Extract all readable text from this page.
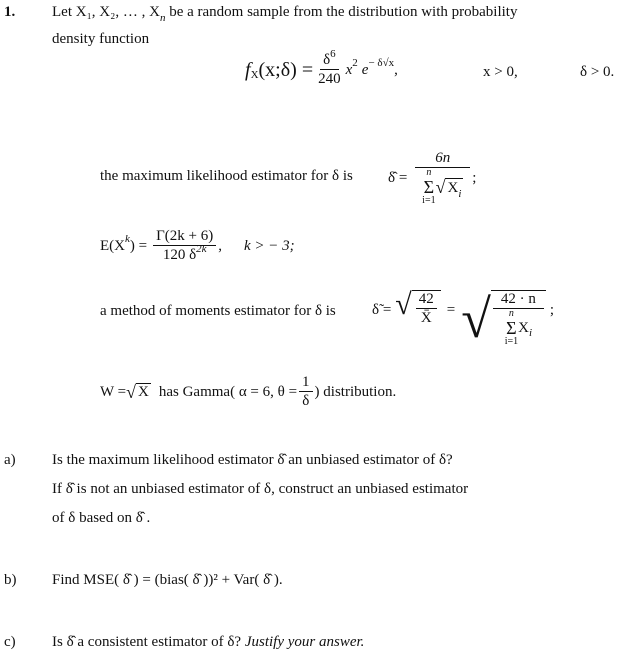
1. Let X₁, X₂, … , $X_n$ be a random sample from the distribution with probability
density function
f X (x;δ) = $\frac{\delta^6}{240}$ x 2 e − δ√x ,	x > 0,	δ > 0.
the maximum likelihood estimator for δ is δ̂ = 6n
n
Σ
i=1
√ $X_i$ ;
E(X k ) = $\frac{\Gamma(2k + 6)}{120 \delta^{2k}}$ , k > − 3;
a method of moments estimator for δ is δ̃ = √ $\frac{42}{X̄}$ = √ 42 · n
n
Σ
i=1
X i
;
W = √ X has Gamma( α = 6, $\theta = \frac{1}{\delta}$ ) distribution.
a) Is the maximum likelihood estimator δ̂ an unbiased estimator of δ?
If δ̂ is not an unbiased estimator of δ, construct an unbiased estimator
of δ based on δ̂ .
b) Find MSE( δ̂ ) = (bias( δ̂ ))² + Var( δ̂ ).
c) Is δ̂ a consistent estimator of δ? Justify your answer.
